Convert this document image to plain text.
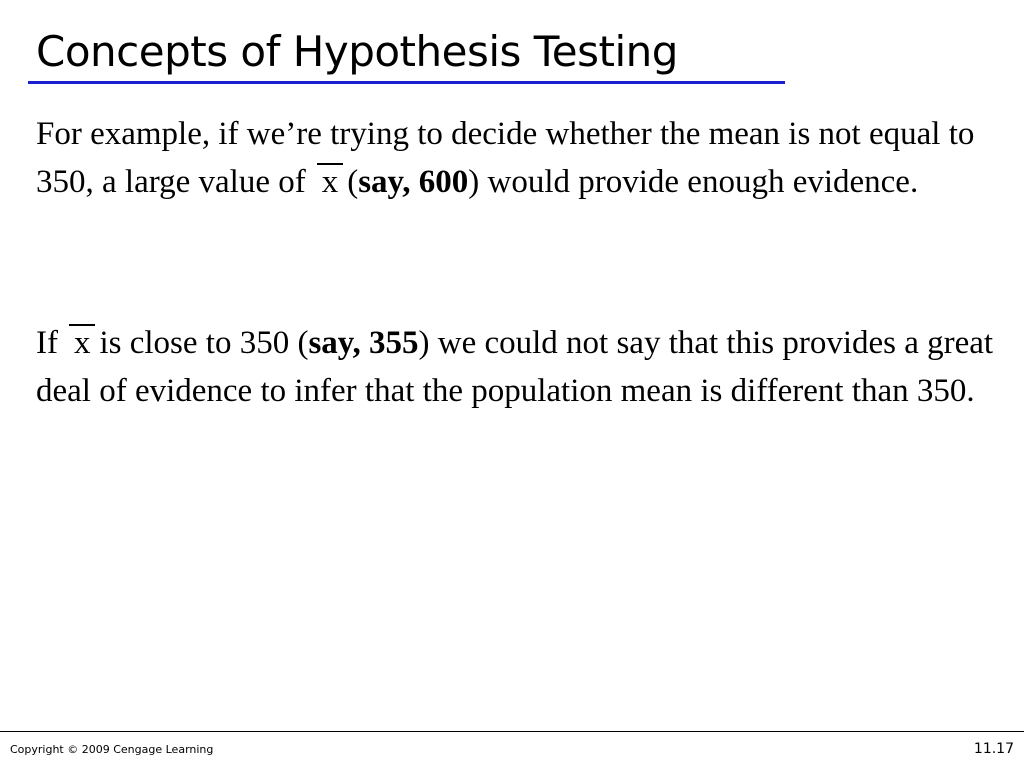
Concepts of Hypothesis Testing
For example, if we’re trying to decide whether the mean is not equal to 350, a large value of x (say, 600) would provide enough evidence.
If x is close to 350 (say, 355) we could not say that this provides a great deal of evidence to infer that the population mean is different than 350.
Copyright © 2009 Cengage Learning	11.17
